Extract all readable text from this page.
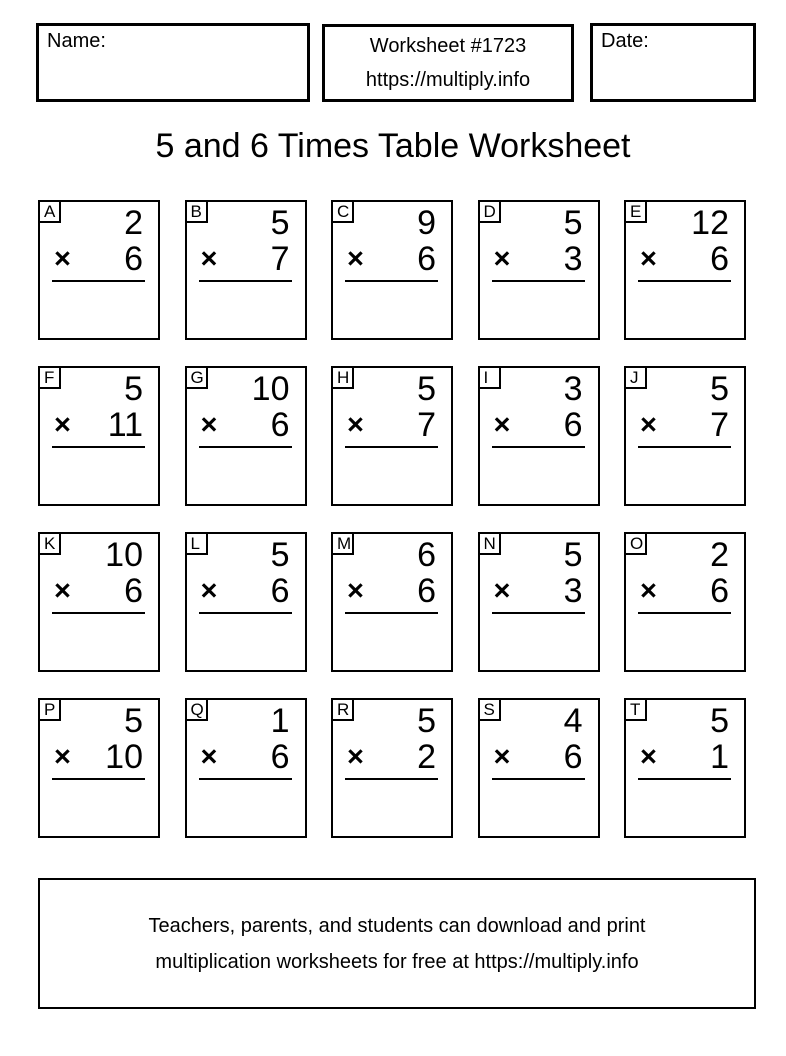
Name:	Worksheet #1723
https://multiply.info
Date:
5 and 6 Times Table Worksheet
A	2
× 6
B	5
× 7
C	9
× 6
D	5
× 3
E	12
× 6
F	5
× 11
G	10
× 6
H	5
× 7
I	3
× 6
J	5
× 7
K	10
× 6
L	5
× 6
M	6
× 6
N	5
× 3
O	2
× 6
P	5
× 10
Q	1
× 6
R	5
× 2
S	4
× 6
T	5
× 1
Teachers, parents, and students can download and print
multiplication worksheets for free at https://multiply.info
